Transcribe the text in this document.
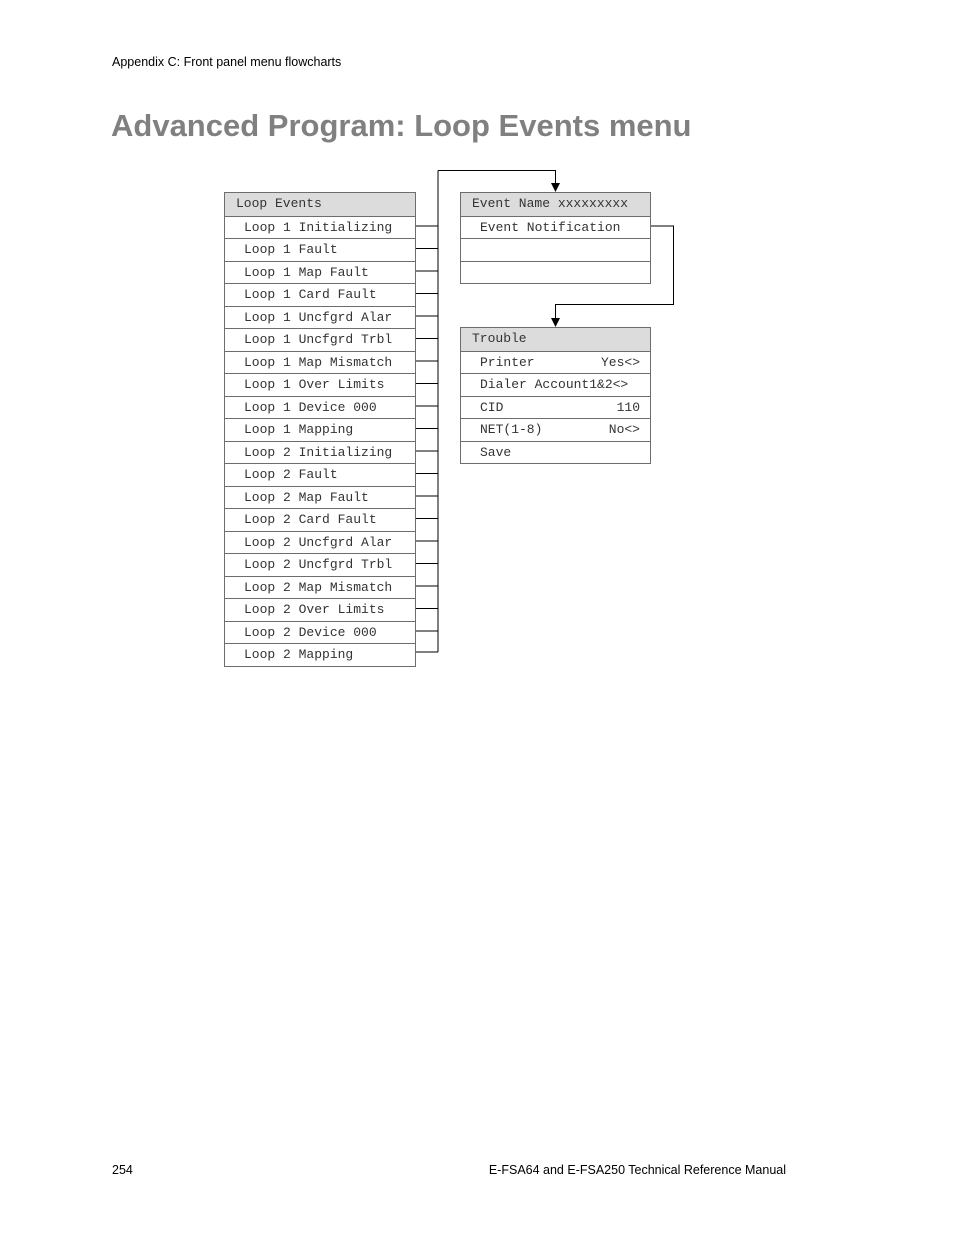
Appendix C: Front panel menu flowcharts
Advanced Program: Loop Events menu
Loop Events
Loop 1 Initializing
Loop 1 Fault
Loop 1 Map Fault
Loop 1 Card Fault
Loop 1 Uncfgrd Alar
Loop 1 Uncfgrd Trbl
Loop 1 Map Mismatch
Loop 1 Over Limits
Loop 1 Device 000
Loop 1 Mapping
Loop 2 Initializing
Loop 2 Fault
Loop 2 Map Fault
Loop 2 Card Fault
Loop 2 Uncfgrd Alar
Loop 2 Uncfgrd Trbl
Loop 2 Map Mismatch
Loop 2 Over Limits
Loop 2 Device 000
Loop 2 Mapping
Event Name xxxxxxxxx
Event Notification
Trouble
Printer	Yes<>
Dialer Account1&2<>
CID	110
NET(1-8)	No<>
Save
254	E-FSA64 and E-FSA250 Technical Reference Manual
